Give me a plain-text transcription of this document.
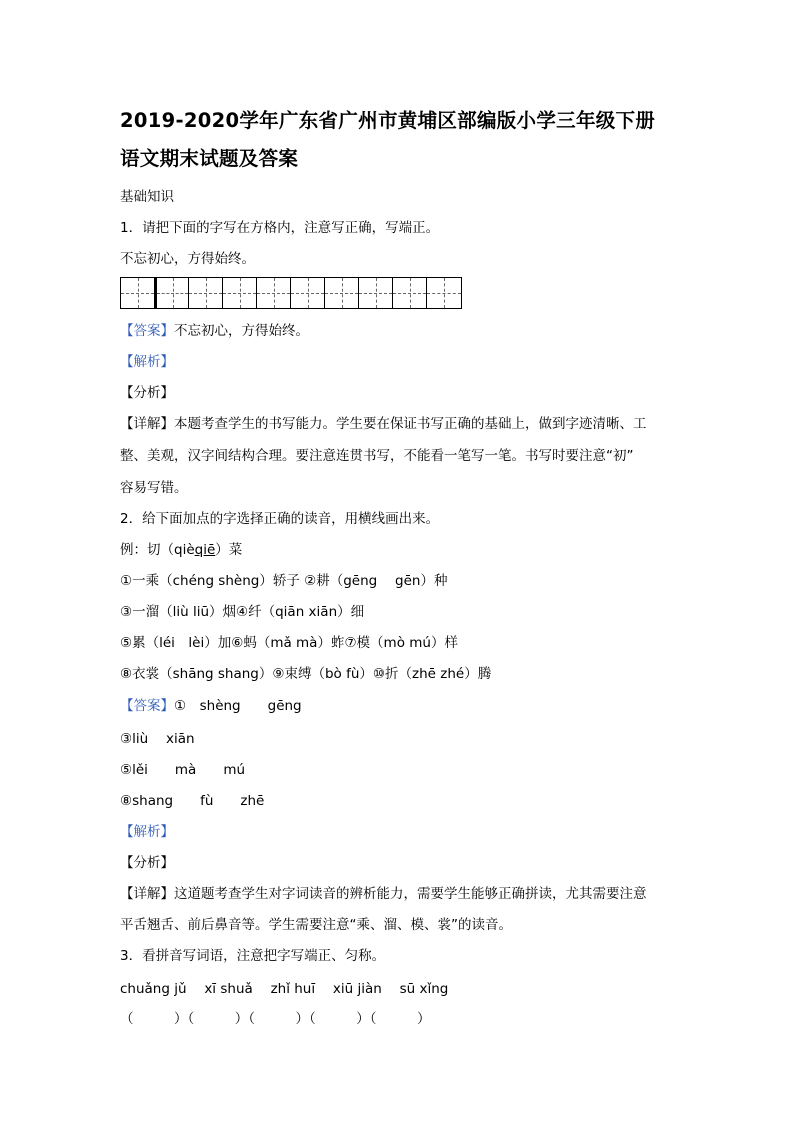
2019-2020学年广东省广州市黄埔区部编版小学三年级下册
语文期末试题及答案
基础知识
1．请把下面的字写在方格内，注意写正确，写端正。
不忘初心，方得始终。
【答案】不忘初心，方得始终。
【解析】
【分析】
【详解】本题考查学生的书写能力。学生要在保证书写正确的基础上，做到字迹清晰、工
整、美观，汉字间结构合理。要注意连贯书写，不能看一笔写一笔。书写时要注意“初”
容易写错。
2．给下面加点的字选择正确的读音，用横线画出来。
例：切（qièqiē）菜
①一乘（chéng shèng）轿子 ②耕（gēng　 gēn）种
③一溜（liù liū）烟④纤（qiān xiān）细
⑤累（léi　lèi）加⑥蚂（mǎ mà）蚱⑦模（mò mú）样
⑧衣裳（shāng shang）⑨束缚（bò fù）⑩折（zhē zhé）腾
【答案】①　shèng　　gēng
③liù　 xiān
⑤lěi　　mà　　mú
⑧shang　　fù　　zhē
【解析】
【分析】
【详解】这道题考查学生对字词读音的辨析能力，需要学生能够正确拼读，尤其需要注意
平舌翘舌、前后鼻音等。学生需要注意“乘、溜、模、裳”的读音。
3．看拼音写词语，注意把字写端正、匀称。
chuǎng jǔ　 xī shuǎ　 zhǐ huī　 xiū jiàn　 sū xǐng
（　　　）（　　　）（　　　）（　　　）（　　　）
